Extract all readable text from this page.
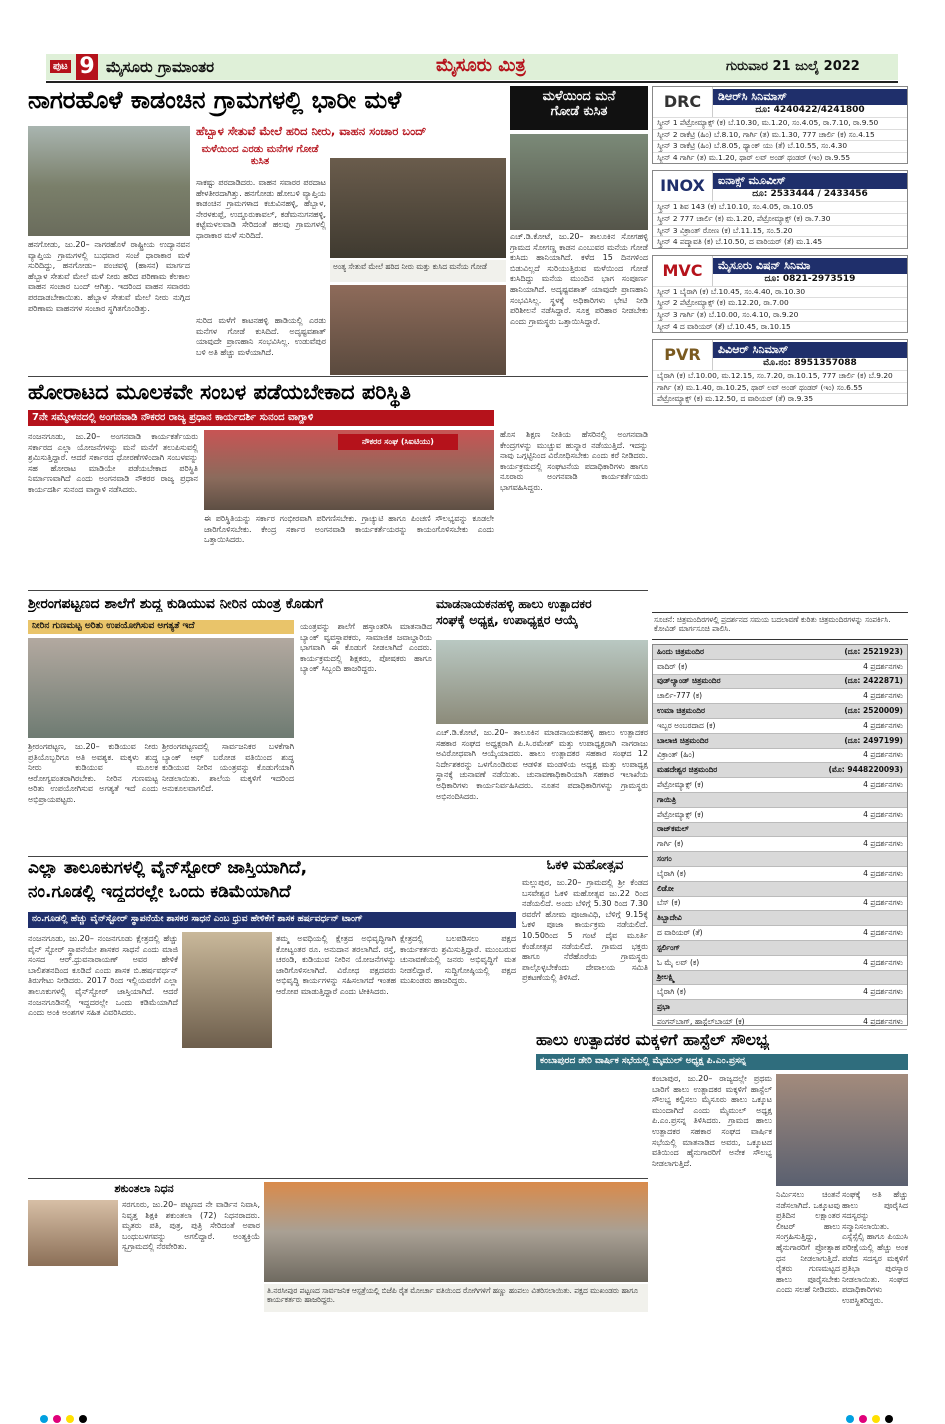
ಪುಟ 9 ಮೈಸೂರು ಗ್ರಾಮಾಂತರ	ಮೈಸೂರು ಮಿತ್ರ	ಗುರುವಾರ 21 ಜುಲೈ 2022
ನಾಗರಹೊಳೆ ಕಾಡಂಚಿನ ಗ್ರಾಮಗಳಲ್ಲಿ ಭಾರೀ ಮಳೆ
ಹೆಬ್ಬಾಳ ಸೇತುವೆ ಮೇಲೆ ಹರಿದ ನೀರು, ವಾಹನ ಸಂಚಾರ ಬಂದ್
ಮಳೆಯಿಂದ ಎರಡು ಮನೆಗಳ ಗೋಡೆ ಕುಸಿತ
ಸಾಕಷ್ಟು ಪರದಾಡಿದರು. ವಾಹನ ಸವಾರರ ಪರದಾಟ ಹೇಳತೀರದಾಗಿತ್ತು. ಹನಗೋಡು ಹೋಬಳಿ ವ್ಯಾಪ್ತಿಯ ಕಾಡಂಚಿನ ಗ್ರಾಮಗಳಾದ ಕಚುವಿನಹಳ್ಳಿ, ಹೆಬ್ಬಾಳ, ನೇರಳಕುಪ್ಪೆ, ಉದ್ದೂರುಕಾವಲ್, ಕಡೆಮನುಗನಹಳ್ಳಿ, ಕಟ್ಟೆಮಳಲವಾಡಿ ಸೇರಿದಂತೆ ಹಲವು ಗ್ರಾಮಗಳಲ್ಲಿ ಧಾರಾಕಾರ ಮಳೆ ಸುರಿದಿದೆ.
ಹನಗೋಡು, ಜು.20– ನಾಗರಹೊಳೆ ರಾಷ್ಟ್ರೀಯ ಉದ್ಯಾನವನ ವ್ಯಾಪ್ತಿಯ ಗ್ರಾಮಗಳಲ್ಲಿ ಬುಧವಾರ ಸಂಜೆ ಧಾರಾಕಾರ ಮಳೆ ಸುರಿದಿದ್ದು, ಹನಗೋಡು– ಪಂಚವಳ್ಳಿ (ಹಾಸನ) ಮಾರ್ಗದ ಹೆಬ್ಬಾಳ ಸೇತುವೆ ಮೇಲೆ ಮಳೆ ನೀರು ಹರಿದ ಪರಿಣಾಮ ಕೆಲಕಾಲ ವಾಹನ ಸಂಚಾರ ಬಂದ್ ಆಗಿತ್ತು. ಇದರಿಂದ ವಾಹನ ಸವಾರರು ಪರದಾಡಬೇಕಾಯಿತು. ಹೆಬ್ಬಾಳ ಸೇತುವೆ ಮೇಲೆ ನೀರು ನುಗ್ಗಿದ ಪರಿಣಾಮ ವಾಹನಗಳ ಸಂಚಾರ ಸ್ಥಗಿತಗೊಂಡಿತ್ತು.
ಅಂತ್ಯ ಸೇತುವೆ ಮೇಲೆ ಹರಿದ ನೀರು ಮತ್ತು ಕುಸಿದ ಮನೆಯ ಗೋಡೆ
ಸುರಿದ ಮಳೆಗೆ ಕಾಟನಹಳ್ಳಿ ಹಾಡಿಯಲ್ಲಿ ಎರಡು ಮನೆಗಳ ಗೋಡೆ ಕುಸಿದಿದೆ. ಅದೃಷ್ಟವಶಾತ್ ಯಾವುದೇ ಪ್ರಾಣಹಾನಿ ಸಂಭವಿಸಿಲ್ಲ. ಉಡುವೆಪುರ ಬಳಿ ಅತಿ ಹೆಚ್ಚು ಮಳೆಯಾಗಿದೆ.
ಮಳೆಯಿಂದ ಮನೆ
ಗೋಡೆ ಕುಸಿತ
ಎಚ್.ಡಿ.ಕೋಟೆ, ಜು.20– ತಾಲೂಕಿನ ಸೋಗಹಳ್ಳಿ ಗ್ರಾಮದ ಸೋಗಣ್ಣ ಕಾಡನ ಎಂಬುವರ ಮನೆಯ ಗೋಡೆ ಕುಸಿದು ಹಾನಿಯಾಗಿದೆ. ಕಳೆದ 15 ದಿನಗಳಿಂದ ಬಿಡುವಿಲ್ಲದೆ ಸುರಿಯುತ್ತಿರುವ ಮಳೆಯಿಂದ ಗೋಡೆ ಕುಸಿದಿದ್ದು ಮನೆಯ ಮುಂದಿನ ಭಾಗ ಸಂಪೂರ್ಣ ಹಾನಿಯಾಗಿದೆ. ಅದೃಷ್ಟವಶಾತ್ ಯಾವುದೇ ಪ್ರಾಣಹಾನಿ ಸಂಭವಿಸಿಲ್ಲ. ಸ್ಥಳಕ್ಕೆ ಅಧಿಕಾರಿಗಳು ಭೇಟಿ ನೀಡಿ ಪರಿಶೀಲನೆ ನಡೆಸಿದ್ದಾರೆ. ಸೂಕ್ತ ಪರಿಹಾರ ನೀಡಬೇಕು ಎಂದು ಗ್ರಾಮಸ್ಥರು ಒತ್ತಾಯಿಸಿದ್ದಾರೆ.
ಹೋರಾಟದ ಮೂಲಕವೇ ಸಂಬಳ ಪಡೆಯಬೇಕಾದ ಪರಿಸ್ಥಿತಿ
7ನೇ ಸಮ್ಮೇಳನದಲ್ಲಿ ಅಂಗನವಾಡಿ ನೌಕರರ ರಾಜ್ಯ ಪ್ರಧಾನ ಕಾರ್ಯದರ್ಶಿ ಸುನಂದ ವಾಗ್ದಾಳಿ
ನಂಜನಗೂಡು, ಜು.20– ಅಂಗನವಾಡಿ ಕಾರ್ಯಕರ್ತೆಯರು ಸರ್ಕಾರದ ಎಲ್ಲಾ ಯೋಜನೆಗಳನ್ನು ಮನೆ ಮನೆಗೆ ತಲುಪಿಸುವಲ್ಲಿ ಶ್ರಮಿಸುತ್ತಿದ್ದಾರೆ. ಆದರೆ ಸರ್ಕಾರದ ಧೋರಣೆಗಳಿಂದಾಗಿ ಸಂಬಳವನ್ನು ಸಹ ಹೋರಾಟ ಮಾಡಿಯೇ ಪಡೆಯಬೇಕಾದ ಪರಿಸ್ಥಿತಿ ನಿರ್ಮಾಣವಾಗಿದೆ ಎಂದು ಅಂಗನವಾಡಿ ನೌಕರರ ರಾಜ್ಯ ಪ್ರಧಾನ ಕಾರ್ಯದರ್ಶಿ ಸುನಂದ ವಾಗ್ದಾಳಿ ನಡೆಸಿದರು.
ನೌಕರರ ಸಂಘ (ಸಿಐಟಿಯು)
ಈ ಪರಿಸ್ಥಿತಿಯನ್ನು ಸರ್ಕಾರ ಗಂಭೀರವಾಗಿ ಪರಿಗಣಿಸಬೇಕು. ಗ್ರಾಚ್ಯುಟಿ ಹಾಗೂ ಪಿಂಚಣಿ ಸೌಲಭ್ಯವನ್ನು ಕೂಡಲೇ ಜಾರಿಗೊಳಿಸಬೇಕು. ಕೇಂದ್ರ ಸರ್ಕಾರ ಅಂಗನವಾಡಿ ಕಾರ್ಯಕರ್ತೆಯರನ್ನು ಕಾಯಂಗೊಳಿಸಬೇಕು ಎಂದು ಒತ್ತಾಯಿಸಿದರು.
ಹೊಸ ಶಿಕ್ಷಣ ನೀತಿಯ ಹೆಸರಿನಲ್ಲಿ ಅಂಗನವಾಡಿ ಕೇಂದ್ರಗಳನ್ನು ಮುಚ್ಚುವ ಹುನ್ನಾರ ನಡೆಯುತ್ತಿದೆ. ಇದನ್ನು ನಾವು ಒಗ್ಗಟ್ಟಿನಿಂದ ವಿರೋಧಿಸಬೇಕು ಎಂದು ಕರೆ ನೀಡಿದರು. ಕಾರ್ಯಕ್ರಮದಲ್ಲಿ ಸಂಘಟನೆಯ ಪದಾಧಿಕಾರಿಗಳು ಹಾಗೂ ನೂರಾರು ಅಂಗನವಾಡಿ ಕಾರ್ಯಕರ್ತೆಯರು ಭಾಗವಹಿಸಿದ್ದರು.
ಶ್ರೀರಂಗಪಟ್ಟಣದ ಶಾಲೆಗೆ ಶುದ್ಧ ಕುಡಿಯುವ ನೀರಿನ ಯಂತ್ರ ಕೊಡುಗೆ
ನೀರಿನ ಗುಣಮಟ್ಟ ಅರಿತು ಉಪಯೋಗಿಸುವ ಅಗತ್ಯತೆ ಇದೆ
ಶ್ರೀರಂಗಪಟ್ಟಣ, ಜು.20– ಕುಡಿಯುವ ನೀರು ಪ್ರತಿಯೊಬ್ಬರಿಗೂ ಅತಿ ಅವಶ್ಯಕ. ಮಕ್ಕಳು ಶುದ್ಧ ನೀರು ಕುಡಿಯುವ ಮೂಲಕ ಆರೋಗ್ಯವಂತರಾಗಿರಬೇಕು. ನೀರಿನ ಗುಣಮಟ್ಟ ಅರಿತು ಉಪಯೋಗಿಸುವ ಅಗತ್ಯತೆ ಇದೆ ಎಂದು ಅಭಿಪ್ರಾಯಪಟ್ಟರು.
ಶ್ರೀರಂಗಪಟ್ಟಣದಲ್ಲಿ ಸಾರ್ವಜನಿಕರ ಬಳಕೆಗಾಗಿ ಬ್ಯಾಂಕ್ ಆಫ್ ಬರೋಡ ವತಿಯಿಂದ ಶುದ್ಧ ಕುಡಿಯುವ ನೀರಿನ ಯಂತ್ರವನ್ನು ಕೊಡುಗೆಯಾಗಿ ನೀಡಲಾಯಿತು. ಶಾಲೆಯ ಮಕ್ಕಳಿಗೆ ಇದರಿಂದ ಅನುಕೂಲವಾಗಲಿದೆ.
ಯಂತ್ರವನ್ನು ಶಾಲೆಗೆ ಹಸ್ತಾಂತರಿಸಿ ಮಾತನಾಡಿದ ಬ್ಯಾಂಕ್ ವ್ಯವಸ್ಥಾಪಕರು, ಸಾಮಾಜಿಕ ಜವಾಬ್ದಾರಿಯ ಭಾಗವಾಗಿ ಈ ಕೊಡುಗೆ ನೀಡಲಾಗಿದೆ ಎಂದರು. ಕಾರ್ಯಕ್ರಮದಲ್ಲಿ ಶಿಕ್ಷಕರು, ಪೋಷಕರು ಹಾಗೂ ಬ್ಯಾಂಕ್ ಸಿಬ್ಬಂದಿ ಹಾಜರಿದ್ದರು.
ಮಾಡನಾಯಕನಹಳ್ಳಿ ಹಾಲು ಉತ್ಪಾದಕರ
ಸಂಘಕ್ಕೆ ಅಧ್ಯಕ್ಷ, ಉಪಾಧ್ಯಕ್ಷರ ಆಯ್ಕೆ
ಎಚ್.ಡಿ.ಕೋಟೆ, ಜು.20– ತಾಲೂಕಿನ ಮಾಡನಾಯಕನಹಳ್ಳಿ ಹಾಲು ಉತ್ಪಾದಕರ ಸಹಕಾರ ಸಂಘದ ಅಧ್ಯಕ್ಷರಾಗಿ ಪಿ.ಸಿ.ರಮೇಶ್ ಮತ್ತು ಉಪಾಧ್ಯಕ್ಷರಾಗಿ ನಾಗರಾಜು ಅವಿರೋಧವಾಗಿ ಆಯ್ಕೆಯಾದರು. ಹಾಲು ಉತ್ಪಾದಕರ ಸಹಕಾರ ಸಂಘದ 12 ನಿರ್ದೇಶಕರನ್ನು ಒಳಗೊಂಡಿರುವ ಆಡಳಿತ ಮಂಡಳಿಯ ಅಧ್ಯಕ್ಷ ಮತ್ತು ಉಪಾಧ್ಯಕ್ಷ ಸ್ಥಾನಕ್ಕೆ ಚುನಾವಣೆ ನಡೆಯಿತು. ಚುನಾವಣಾಧಿಕಾರಿಯಾಗಿ ಸಹಕಾರ ಇಲಾಖೆಯ ಅಧಿಕಾರಿಗಳು ಕಾರ್ಯನಿರ್ವಹಿಸಿದರು. ನೂತನ ಪದಾಧಿಕಾರಿಗಳನ್ನು ಗ್ರಾಮಸ್ಥರು ಅಭಿನಂದಿಸಿದರು.
ಎಲ್ಲಾ ತಾಲೂಕುಗಳಲ್ಲಿ ವೈನ್‌ಸ್ಟೋರ್ ಜಾಸ್ತಿಯಾಗಿದೆ,
ನಂ.ಗೂಡಲ್ಲಿ ಇದ್ದದರಲ್ಲೇ ಒಂದು ಕಡಿಮೆಯಾಗಿದೆ
ನಂ.ಗೂಡಲ್ಲಿ ಹೆಚ್ಚು ವೈನ್‌ಸ್ಟೋರ್ ಸ್ಥಾಪನೆಯೇ ಶಾಸಕರ ಸಾಧನೆ ಎಂಬ ಧ್ರುವ ಹೇಳಿಕೆಗೆ ಶಾಸಕ ಹರ್ಷವರ್ಧನ್ ಟಾಂಗ್
ನಂಜನಗೂಡು, ಜು.20– ನಂಜನಗೂಡು ಕ್ಷೇತ್ರದಲ್ಲಿ ಹೆಚ್ಚು ವೈನ್ ಸ್ಟೋರ್ ಸ್ಥಾಪನೆಯೇ ಶಾಸಕರ ಸಾಧನೆ ಎಂದು ಮಾಜಿ ಸಂಸದ ಆರ್.ಧ್ರುವನಾರಾಯಣ್ ಅವರ ಹೇಳಿಕೆ ಬಾಲಿಶತನದಿಂದ ಕೂಡಿದೆ ಎಂದು ಶಾಸಕ ಬಿ.ಹರ್ಷವರ್ಧನ್ ತಿರುಗೇಟು ನೀಡಿದರು. 2017 ರಿಂದ ಇಲ್ಲಿಯವರೆಗೆ ಎಲ್ಲಾ ತಾಲೂಕುಗಳಲ್ಲಿ ವೈನ್‌ಸ್ಟೋರ್ ಜಾಸ್ತಿಯಾಗಿದೆ. ಆದರೆ ನಂಜನಗೂಡಿನಲ್ಲಿ ಇದ್ದದರಲ್ಲೇ ಒಂದು ಕಡಿಮೆಯಾಗಿದೆ ಎಂದು ಅಂಕಿ ಅಂಶಗಳ ಸಹಿತ ವಿವರಿಸಿದರು.
ತಮ್ಮ ಅವಧಿಯಲ್ಲಿ ಕ್ಷೇತ್ರದ ಅಭಿವೃದ್ಧಿಗಾಗಿ ಕೋಟ್ಯಂತರ ರೂ. ಅನುದಾನ ತರಲಾಗಿದೆ. ರಸ್ತೆ, ಚರಂಡಿ, ಕುಡಿಯುವ ನೀರಿನ ಯೋಜನೆಗಳನ್ನು ಜಾರಿಗೊಳಿಸಲಾಗಿದೆ. ವಿರೋಧ ಪಕ್ಷದವರು ಅಭಿವೃದ್ಧಿ ಕಾರ್ಯಗಳನ್ನು ಸಹಿಸಲಾಗದೆ ಇಂತಹ ಆರೋಪ ಮಾಡುತ್ತಿದ್ದಾರೆ ಎಂದು ಟೀಕಿಸಿದರು.
ಕ್ಷೇತ್ರದಲ್ಲಿ ಬಲಪಡಿಸಲು ಪಕ್ಷದ ಕಾರ್ಯಕರ್ತರು ಶ್ರಮಿಸುತ್ತಿದ್ದಾರೆ. ಮುಂಬರುವ ಚುನಾವಣೆಯಲ್ಲಿ ಜನರು ಅಭಿವೃದ್ಧಿಗೆ ಮತ ನೀಡಲಿದ್ದಾರೆ. ಸುದ್ದಿಗೋಷ್ಠಿಯಲ್ಲಿ ಪಕ್ಷದ ಮುಖಂಡರು ಹಾಜರಿದ್ದರು.
ಓಕಳಿ ಮಹೋತ್ಸವ
ಮಲ್ಲುಪುರ, ಜು.20– ಗ್ರಾಮದಲ್ಲಿ ಶ್ರೀ ಕೆಂಡದ ಬಸವೇಶ್ವರ ಓಕಳಿ ಮಹೋತ್ಸವ ಜು.22 ರಿಂದ ನಡೆಯಲಿದೆ. ಅಂದು ಬೆಳಿಗ್ಗೆ 5.30 ರಿಂದ 7.30 ರವರೆಗೆ ಹೋಮ ಪೂಜಾವಿಧಿ, ಬೆಳಿಗ್ಗೆ 9.15ಕ್ಕೆ ಓಕಳಿ ಪೂಜಾ ಕಾರ್ಯಕ್ರಮ ನಡೆಯಲಿದೆ. 10.50ರಿಂದ 5 ಗಂಟೆ ದೈವ ಮೂರ್ತಿ ಕೆಂಡೋತ್ಸವ ನಡೆಯಲಿದೆ. ಗ್ರಾಮದ ಭಕ್ತರು ಹಾಗೂ ನೆರೆಹೊರೆಯ ಗ್ರಾಮಸ್ಥರು ಪಾಲ್ಗೊಳ್ಳಬೇಕೆಂದು ದೇವಾಲಯ ಸಮಿತಿ ಪ್ರಕಟಣೆಯಲ್ಲಿ ತಿಳಿಸಿದೆ.
ಶಕುಂತಲಾ ನಿಧನ
ಸರಗೂರು, ಜು.20– ಪಟ್ಟಣದ ನೇ ವಾರ್ಡಿನ ನಿವಾಸಿ, ನಿವೃತ್ತ ಶಿಕ್ಷಕಿ ಶಕುಂತಲಾ (72) ನಿಧನರಾದರು. ಮೃತರು ಪತಿ, ಪುತ್ರ, ಪುತ್ರಿ ಸೇರಿದಂತೆ ಅಪಾರ ಬಂಧುಬಳಗವನ್ನು ಅಗಲಿದ್ದಾರೆ. ಅಂತ್ಯಕ್ರಿಯೆ ಸ್ವಗ್ರಾಮದಲ್ಲಿ ನೆರವೇರಿತು.
ತಿ.ನರಸೀಪುರ ಪಟ್ಟಣದ ಸಾರ್ವಜನಿಕ ಆಸ್ಪತ್ರೆಯಲ್ಲಿ ಬಿಜೆಪಿ ರೈತ ಮೋರ್ಚಾ ವತಿಯಿಂದ ರೋಗಿಗಳಿಗೆ ಹಣ್ಣು ಹಂಪಲು ವಿತರಿಸಲಾಯಿತು. ಪಕ್ಷದ ಮುಖಂಡರು ಹಾಗೂ ಕಾರ್ಯಕರ್ತರು ಹಾಜರಿದ್ದರು.
ಹಾಲು ಉತ್ಪಾದಕರ ಮಕ್ಕಳಿಗೆ ಹಾಸ್ಟೆಲ್ ಸೌಲಭ್ಯ
ಕಂಬಾಪುರದ ಡೇರಿ ವಾರ್ಷಿಕ ಸಭೆಯಲ್ಲಿ ಮೈಮುಲ್ ಅಧ್ಯಕ್ಷ ಪಿ.ಎಂ.ಪ್ರಸನ್ನ
ಕಂಬಾಪುರ, ಜು.20– ರಾಜ್ಯದಲ್ಲೇ ಪ್ರಥಮ ಬಾರಿಗೆ ಹಾಲು ಉತ್ಪಾದಕರ ಮಕ್ಕಳಿಗೆ ಹಾಸ್ಟೆಲ್ ಸೌಲಭ್ಯ ಕಲ್ಪಿಸಲು ಮೈಸೂರು ಹಾಲು ಒಕ್ಕೂಟ ಮುಂದಾಗಿದೆ ಎಂದು ಮೈಮುಲ್ ಅಧ್ಯಕ್ಷ ಪಿ.ಎಂ.ಪ್ರಸನ್ನ ತಿಳಿಸಿದರು. ಗ್ರಾಮದ ಹಾಲು ಉತ್ಪಾದಕರ ಸಹಕಾರ ಸಂಘದ ವಾರ್ಷಿಕ ಸಭೆಯಲ್ಲಿ ಮಾತನಾಡಿದ ಅವರು, ಒಕ್ಕೂಟದ ವತಿಯಿಂದ ಹೈನುಗಾರರಿಗೆ ಅನೇಕ ಸೌಲಭ್ಯ ನೀಡಲಾಗುತ್ತಿದೆ.
ನಿರ್ಮಿಸಲು ಚಿಂತನೆ ನಡೆಸಲಾಗಿದೆ. ಒಕ್ಕೂಟವು ಪ್ರತಿದಿನ ಲಕ್ಷಾಂತರ ಲೀಟರ್ ಹಾಲು ಸಂಗ್ರಹಿಸುತ್ತಿದ್ದು, ಹೈನುಗಾರರಿಗೆ ಪ್ರೋತ್ಸಾಹ ಧನ ನೀಡಲಾಗುತ್ತಿದೆ. ರೈತರು ಗುಣಮಟ್ಟದ ಹಾಲು ಪೂರೈಸಬೇಕು ಎಂದು ಸಲಹೆ ನೀಡಿದರು.
ಸಂಘಕ್ಕೆ ಅತಿ ಹೆಚ್ಚು ಹಾಲು ಪೂರೈಸಿದ ಸದಸ್ಯರನ್ನು ಸನ್ಮಾನಿಸಲಾಯಿತು. ಎಸ್ಸೆಸ್ಸೆಲ್ಸಿ ಹಾಗೂ ಪಿಯುಸಿ ಪರೀಕ್ಷೆಯಲ್ಲಿ ಹೆಚ್ಚು ಅಂಕ ಪಡೆದ ಸದಸ್ಯರ ಮಕ್ಕಳಿಗೆ ಪ್ರತಿಭಾ ಪುರಸ್ಕಾರ ನೀಡಲಾಯಿತು. ಸಂಘದ ಪದಾಧಿಕಾರಿಗಳು ಉಪಸ್ಥಿತರಿದ್ದರು.
DRC	ಡಿಆರ್‌ಸಿ ಸಿನಿಮಾಸ್
ದೂ: 4240422/4241800
ಸ್ಕ್ರೀನ್ 1 ಪೆಟ್ರೋಮ್ಯಾಕ್ಸ್ (ಕ) ಬೆ.10.30, ಮ.1.20, ಸಂ.4.05, ರಾ.7.10, ರಾ.9.50
ಸ್ಕ್ರೀನ್ 2 ರಾಕೆಟ್ರಿ (ಹಿಂ) ಬೆ.8.10, ಗಾರ್ಗಿ (ತ) ಮ.1.30, 777 ಚಾರ್ಲಿ (ಕ) ಸಂ.4.15
ಸ್ಕ್ರೀನ್ 3 ರಾಕೆಟ್ರಿ (ಹಿಂ) ಬೆ.8.05, ಥ್ಯಾಂಕ್ ಯು (ತೆ) ಬೆ.10.55, ಸಂ.4.30
ಸ್ಕ್ರೀನ್ 4 ಗಾರ್ಗಿ (ತ) ಮ.1.20, ಥಾರ್ ಲವ್ ಅಂಡ್ ಥಂಡರ್ (ಇಂ) ರಾ.9.55
INOX	ಐನಾಕ್ಸ್ ಮೂವೀಸ್
ದೂ: 2533444 / 2433456
ಸ್ಕ್ರೀನ್ 1 ಶಿವ 143 (ಕ) ಬೆ.10.10, ಸಂ.4.05, ರಾ.10.05
ಸ್ಕ್ರೀನ್ 2 777 ಚಾರ್ಲಿ (ಕ) ಮ.1.20, ಪೆಟ್ರೋಮ್ಯಾಕ್ಸ್ (ಕ) ರಾ.7.30
ಸ್ಕ್ರೀನ್ 3 ವಿಕ್ರಾಂತ್ ರೋಣ (ಕ) ಬೆ.11.15, ಸಂ.5.20
ಸ್ಕ್ರೀನ್ 4 ಪದ್ಮಾವತಿ (ಕ) ಬೆ.10.50, ದ ವಾರಿಯರ್ (ತೆ) ಮ.1.45
MVC	ಮೈಸೂರು ವಿಷನ್ ಸಿನಿಮಾ
ದೂ: 0821-2973519
ಸ್ಕ್ರೀನ್ 1 ಬೈರಾಗಿ (ಕ) ಬೆ.10.45, ಸಂ.4.40, ರಾ.10.30
ಸ್ಕ್ರೀನ್ 2 ಪೆಟ್ರೋಮ್ಯಾಕ್ಸ್ (ಕ) ಮ.12.20, ರಾ.7.00
ಸ್ಕ್ರೀನ್ 3 ಗಾರ್ಗಿ (ತ) ಬೆ.10.00, ಸಂ.4.10, ರಾ.9.20
ಸ್ಕ್ರೀನ್ 4 ದ ವಾರಿಯರ್ (ತೆ) ಬೆ.10.45, ರಾ.10.15
PVR	ಪಿವಿಆರ್ ಸಿನಿಮಾಸ್
ಮೊ.ನಂ: 8951357088
ಬೈರಾಗಿ (ಕ) ಬೆ.10.00, ಮ.12.15, ಸಂ.7.20, ರಾ.10.15, 777 ಚಾರ್ಲಿ (ಕ) ಬೆ.9.20
ಗಾರ್ಗಿ (ತ) ಮ.1.40, ರಾ.10.25, ಥಾರ್ ಲವ್ ಅಂಡ್ ಥಂಡರ್ (ಇಂ) ಸಂ.6.55
ಪೆಟ್ರೋಮ್ಯಾಕ್ಸ್ (ಕ) ಮ.12.50, ದ ವಾರಿಯರ್ (ತೆ) ರಾ.9.35
ಸೂಚನೆ: ಚಿತ್ರಮಂದಿರಗಳಲ್ಲಿ ಪ್ರದರ್ಶನದ ಸಮಯ ಬದಲಾವಣೆ ಕುರಿತು ಚಿತ್ರಮಂದಿರಗಳನ್ನು ಸಂಪರ್ಕಿಸಿ. ಕೋವಿಡ್ ಮಾರ್ಗಸೂಚಿ ಪಾಲಿಸಿ.
ಹಿಂದು ಚಿತ್ರಮಂದಿರ	(ದೂ: 2521923)
ವಾದಿರ್ (ಕ)	4 ಪ್ರದರ್ಶನಗಳು
ವುಡ್‌ಲ್ಯಾಂಡ್ ಚಿತ್ರಮಂದಿರ	(ದೂ: 2422871)
ಚಾರ್ಲಿ-777 (ಕ)	4 ಪ್ರದರ್ಶನಗಳು
ಉಮಾ ಚಿತ್ರಮಂದಿರ	(ದೂ: 2520009)
ಇಬ್ಬರ ಅಂಬರದಾದ (ಕ)	4 ಪ್ರದರ್ಶನಗಳು
ಬಾಲಾಜಿ ಚಿತ್ರಮಂದಿರ	(ದೂ: 2497199)
ವಿಕ್ರಾಂತ್ (ಹಿಂ)	4 ಪ್ರದರ್ಶನಗಳು
ಮಹದೇಶ್ವರ ಚಿತ್ರಮಂದಿರ	(ಮೊ: 9448220093)
ಪೆಟ್ರೋಮ್ಯಾಕ್ಸ್ (ಕ)	4 ಪ್ರದರ್ಶನಗಳು
ಗಾಯಿತ್ರಿ
ಪೆಟ್ರೋಮ್ಯಾಕ್ಸ್ (ಕ)	4 ಪ್ರದರ್ಶನಗಳು
ರಾಜ್‌ಕಮಲ್
ಗಾರ್ಗಿ (ಕ)	4 ಪ್ರದರ್ಶನಗಳು
ಸಂಗಂ
ಬೈರಾಗಿ (ಕ)	4 ಪ್ರದರ್ಶನಗಳು
ಲಿಡೋ
ಬೆಸ್ (ಕ)	4 ಪ್ರದರ್ಶನಗಳು
ತಿಬ್ಬಾದೇವಿ
ದ ವಾರಿಯರ್ (ತೆ)	4 ಪ್ರದರ್ಶನಗಳು
ಸ್ಟರ್ಲಿಂಗ್
ಓ ಮೈ ಲವ್ (ಕ)	4 ಪ್ರದರ್ಶನಗಳು
ಶ್ರೀಲಕ್ಷ್ಮಿ
ಬೈರಾಗಿ (ಕ)	4 ಪ್ರದರ್ಶನಗಳು
ಪ್ರಭಾ
ಪಂಗನ್‌ಬಾಗ್, ಹಾಸ್ಟೆಲ್‌ಬಾಯ್ (ಕ)	4 ಪ್ರದರ್ಶನಗಳು
